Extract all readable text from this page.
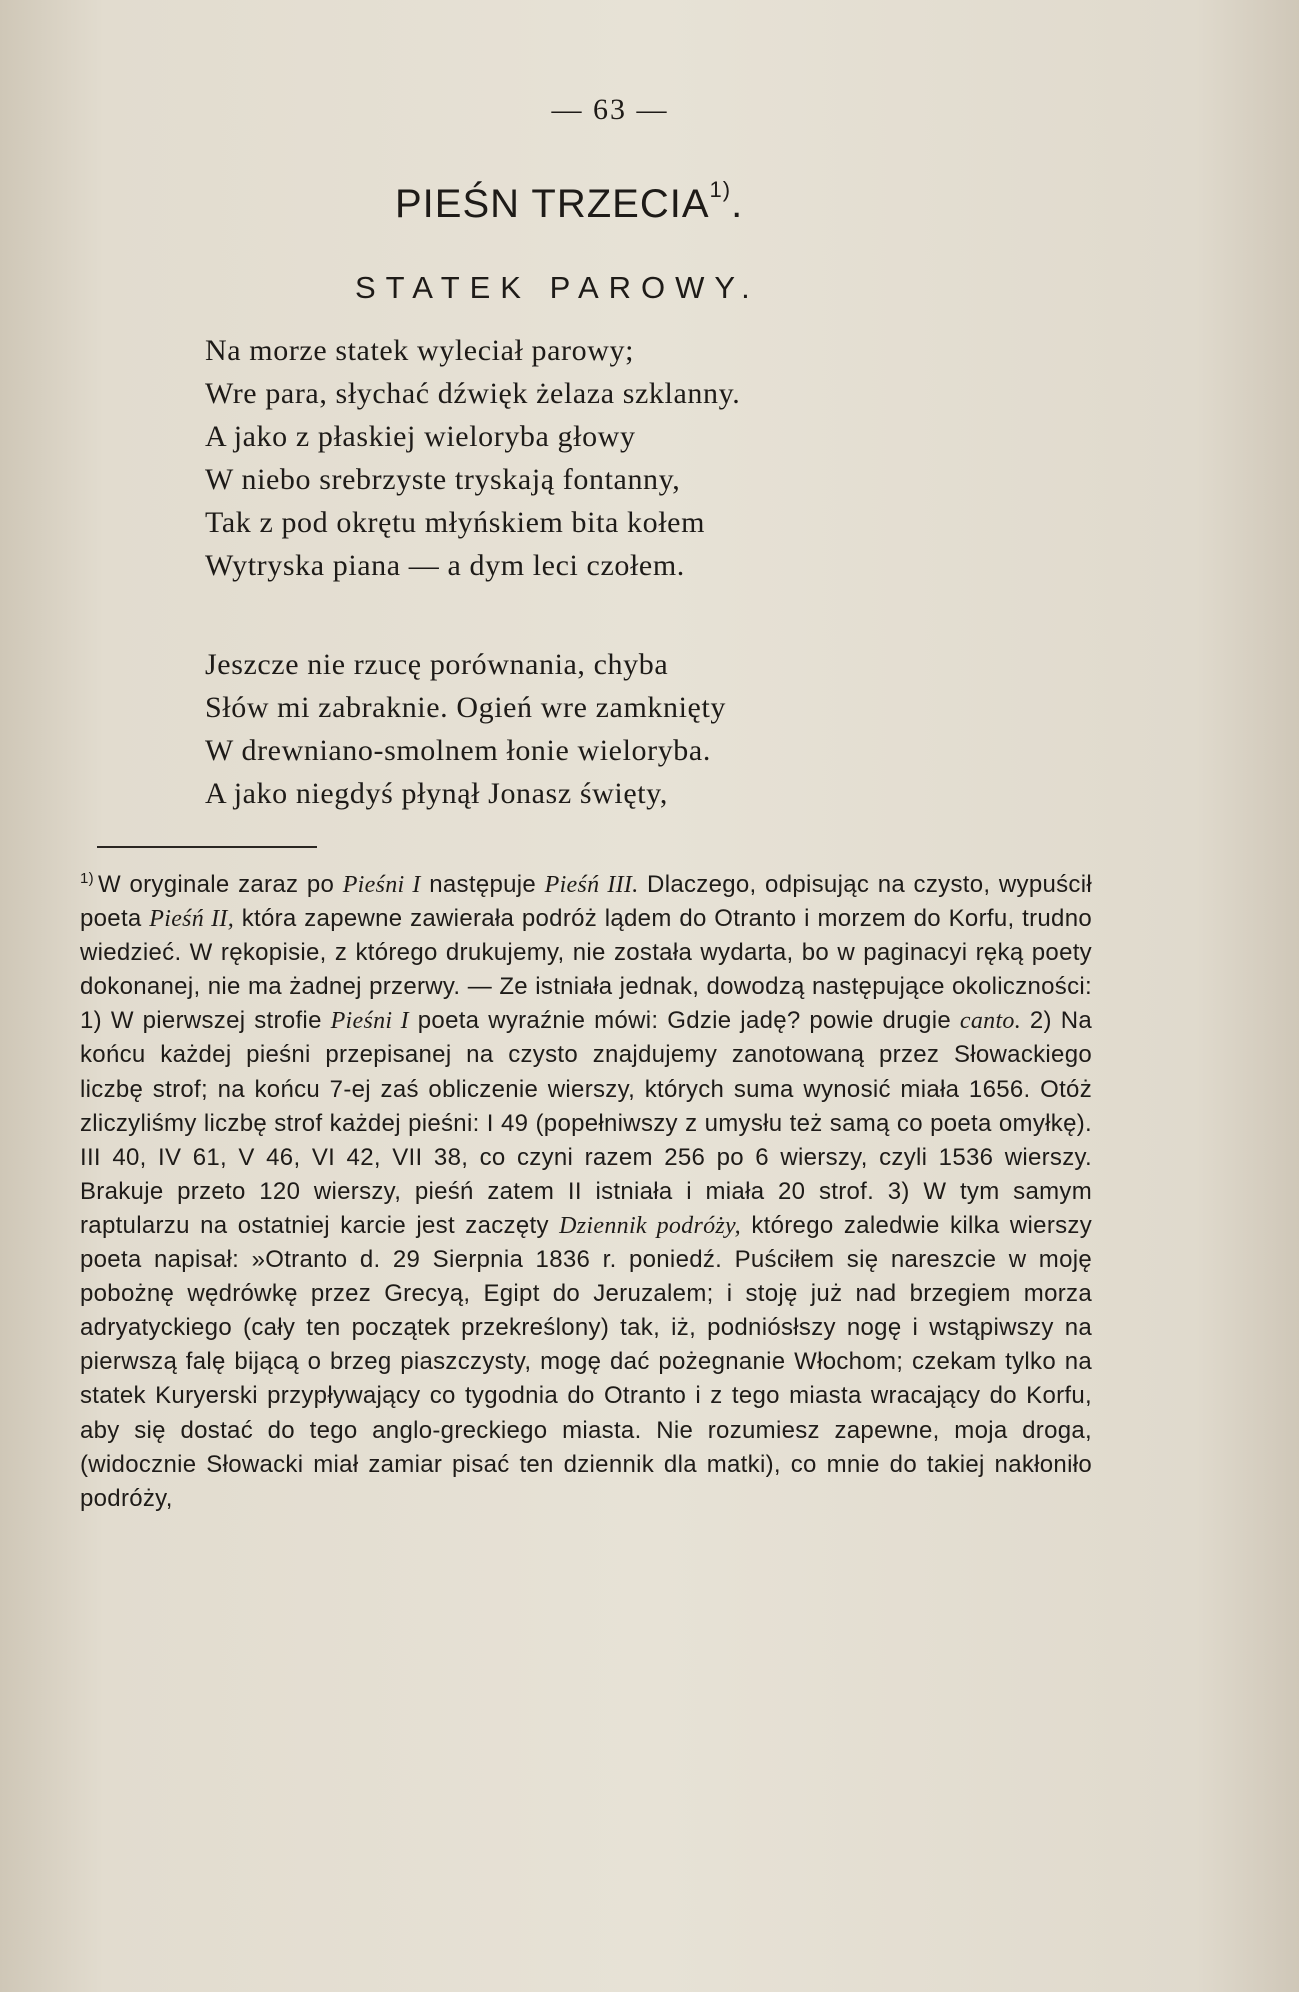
— 63 —
PIEŚN TRZECIA$^{1)}$.
STATEK PAROWY.
Na morze statek wyleciał parowy;
Wre para, słychać dźwięk żelaza szklanny.
A jako z płaskiej wieloryba głowy
W niebo srebrzyste tryskają fontanny,
Tak z pod okrętu młyńskiem bita kołem
Wytryska piana — a dym leci czołem.
Jeszcze nie rzucę porównania, chyba
Słów mi zabraknie. Ogień wre zamknięty
W drewniano-smolnem łonie wieloryba.
A jako niegdyś płynął Jonasz święty,

$^{1)}$ W oryginale zaraz po Pieśni I następuje Pieśń III. Dlaczego, odpisując na czysto, wypuścił poeta Pieśń II, która zapewne zawierała podróż lądem do Otranto i morzem do Korfu, trudno wiedzieć. W rękopisie, z którego drukujemy, nie została wydarta, bo w paginacyi ręką poety dokonanej, nie ma żadnej przerwy. — Ze istniała jednak, dowodzą następujące okoliczności: 1) W pierwszej strofie Pieśni I poeta wyraźnie mówi: Gdzie jadę? powie drugie canto. 2) Na końcu każdej pieśni przepisanej na czysto znajdujemy zanotowaną przez Słowackiego liczbę strof; na końcu 7-ej zaś obliczenie wierszy, których suma wynosić miała 1656. Otóż zliczyliśmy liczbę strof każdej pieśni: I 49 (popełniwszy z umysłu też samą co poeta omyłkę). III 40, IV 61, V 46, VI 42, VII 38, co czyni razem 256 po 6 wierszy, czyli 1536 wierszy. Brakuje przeto 120 wierszy, pieśń zatem II istniała i miała 20 strof. 3) W tym samym raptularzu na ostatniej karcie jest zaczęty Dziennik podróży, którego zaledwie kilka wierszy poeta napisał: »Otranto d. 29 Sierpnia 1836 r. poniedź. Puściłem się nareszcie w moję pobożnę wędrówkę przez Grecyą, Egipt do Jeruzalem; i stoję już nad brzegiem morza adryatyckiego (cały ten początek przekreślony) tak, iż, podniósłszy nogę i wstąpiwszy na pierwszą falę bijącą o brzeg piaszczysty, mogę dać pożegnanie Włochom; czekam tylko na statek Kuryerski przypływający co tygodnia do Otranto i z tego miasta wracający do Korfu, aby się dostać do tego anglo-greckiego miasta. Nie rozumiesz zapewne, moja droga, (widocznie Słowacki miał zamiar pisać ten dziennik dla matki), co mnie do takiej nakłoniło podróży,
